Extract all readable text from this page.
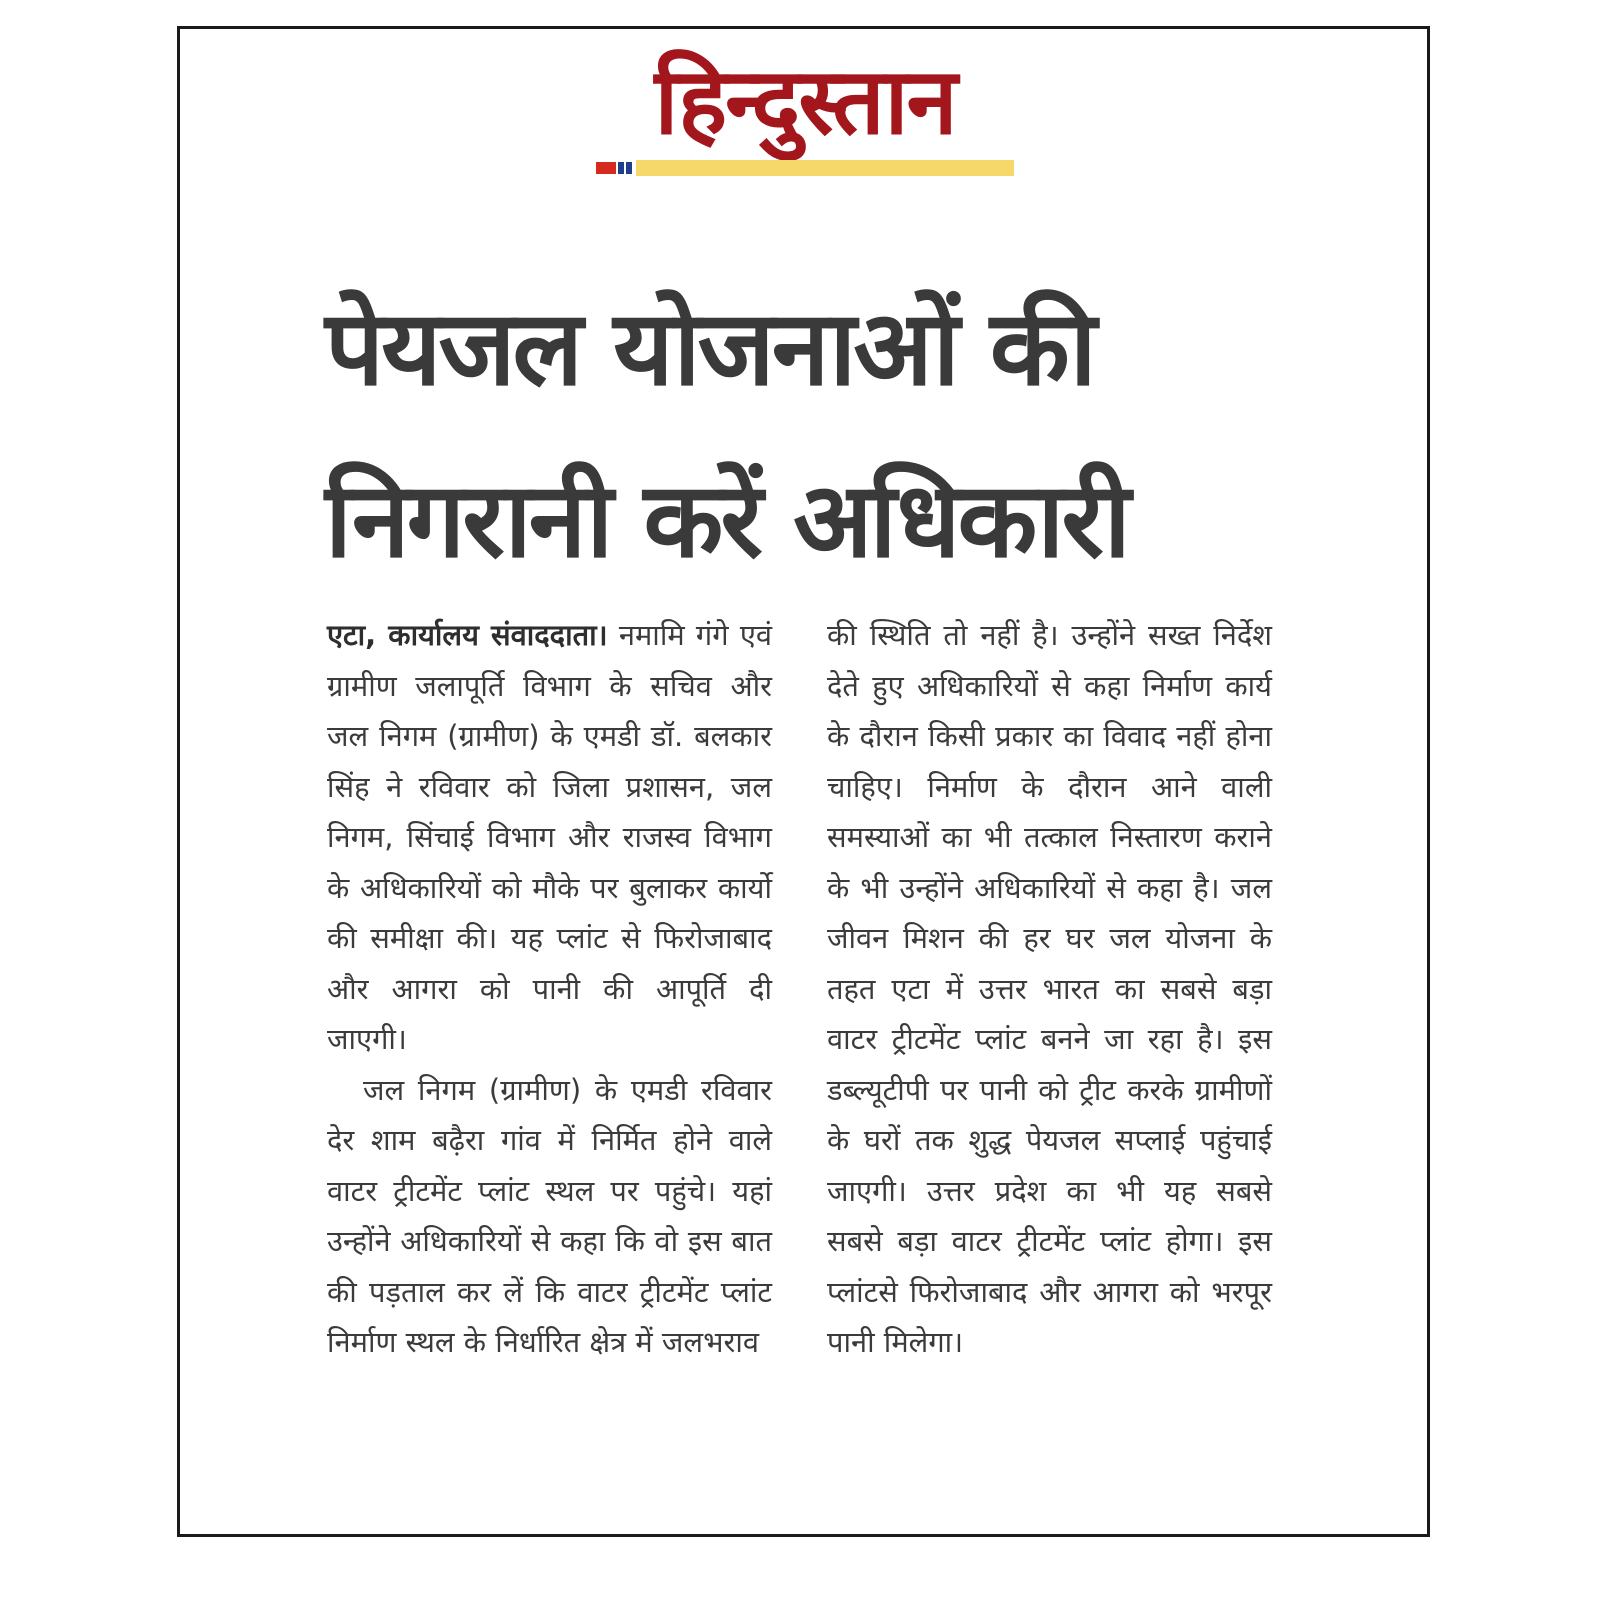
हिन्दुस्तान
पेयजल योजनाओं की
निगरानी करें अधिकारी

एटा, कार्यालय संवाददाता। नमामि गंगे एवं ग्रामीण जलापूर्ति विभाग के सचिव और जल निगम (ग्रामीण) के एमडी डॉ. बलकार सिंह ने रविवार को जिला प्रशासन, जल निगम, सिंचाई विभाग और राजस्व विभाग के अधिकारियों को मौके पर बुलाकर कार्यो की समीक्षा की। यह प्लांट से फिरोजाबाद और आगरा को पानी की आपूर्ति दी जाएगी।

जल निगम (ग्रामीण) के एमडी रविवार देर शाम बढ़ैरा गांव में निर्मित होने वाले वाटर ट्रीटमेंट प्लांट स्थल पर पहुंचे। यहां उन्होंने अधिकारियों से कहा कि वो इस बात की पड़ताल कर लें कि वाटर ट्रीटमेंट प्लांट निर्माण स्थल के निर्धारित क्षेत्र में जलभराव

की स्थिति तो नहीं है। उन्होंने सख्त निर्देश देते हुए अधिकारियों से कहा निर्माण कार्य के दौरान किसी प्रकार का विवाद नहीं होना चाहिए। निर्माण के दौरान आने वाली समस्याओं का भी तत्काल निस्तारण कराने के भी उन्होंने अधिकारियों से कहा है। जल जीवन मिशन की हर घर जल योजना के तहत एटा में उत्तर भारत का सबसे बड़ा वाटर ट्रीटमेंट प्लांट बनने जा रहा है। इस डब्ल्यूटीपी पर पानी को ट्रीट करके ग्रामीणों के घरों तक शुद्ध पेयजल सप्लाई पहुंचाई जाएगी। उत्तर प्रदेश का भी यह सबसे सबसे बड़ा वाटर ट्रीटमेंट प्लांट होगा। इस प्लांटसे फिरोजाबाद और आगरा को भरपूर पानी मिलेगा।
